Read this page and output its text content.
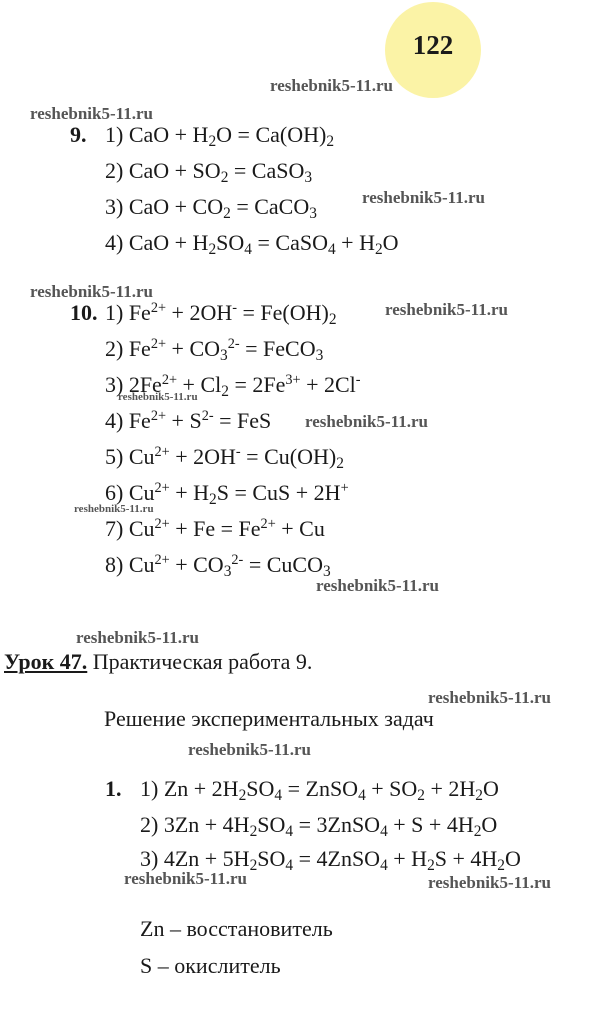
122
reshebnik5-11.ru
reshebnik5-11.ru
reshebnik5-11.ru
reshebnik5-11.ru
reshebnik5-11.ru
reshebnik5-11.ru
reshebnik5-11.ru
reshebnik5-11.ru
reshebnik5-11.ru
reshebnik5-11.ru
reshebnik5-11.ru
reshebnik5-11.ru
reshebnik5-11.ru	reshebnik5-11.ru
9. 1) CaO + $H_2O = Ca(OH)_2$
2) CaO + $SO_2$ = CaSO$_3$
3) CaO + $CO_2$ = CaCO$_3$
4) CaO + $H_2SO_4$ = CaSO$_4$ + $H_2O$
10. 1) $Fe^{2+} + 2OH^- = Fe(OH)_2$
2) $Fe^{2+} + CO_3^{2-}$ = FeCO$_3$
3) $2Fe^{2+} + Cl_2 = 2Fe^{3+} + 2Cl^-$
4) $Fe^{2+} + S^{2-}$ = FeS
5) $Cu^{2+} + 2OH^- = Cu(OH)_2$
6) $Cu^{2+} + H_2S$ = CuS + 2H+
7) $Cu^{2+} + Fe = Fe^{2+} + Cu$
8) $Cu^{2+} + CO_3^{2-}$ = CuCO$_3$
Урок 47. Практическая работа 9.
Решение экспериментальных задач
1. 1) $Zn + 2H_2SO_4$ = ZnSO$_4$ + $SO_2 + 2H_2O$
2) $3Zn + 4H_2SO_4$ = 3ZnSO$_4$ + $S + 4H_2O$
3) $4Zn + 5H_2SO_4$ = 4ZnSO$_4$ + $H_2S + 4H_2O$
Zn – восстановитель
S – окислитель
